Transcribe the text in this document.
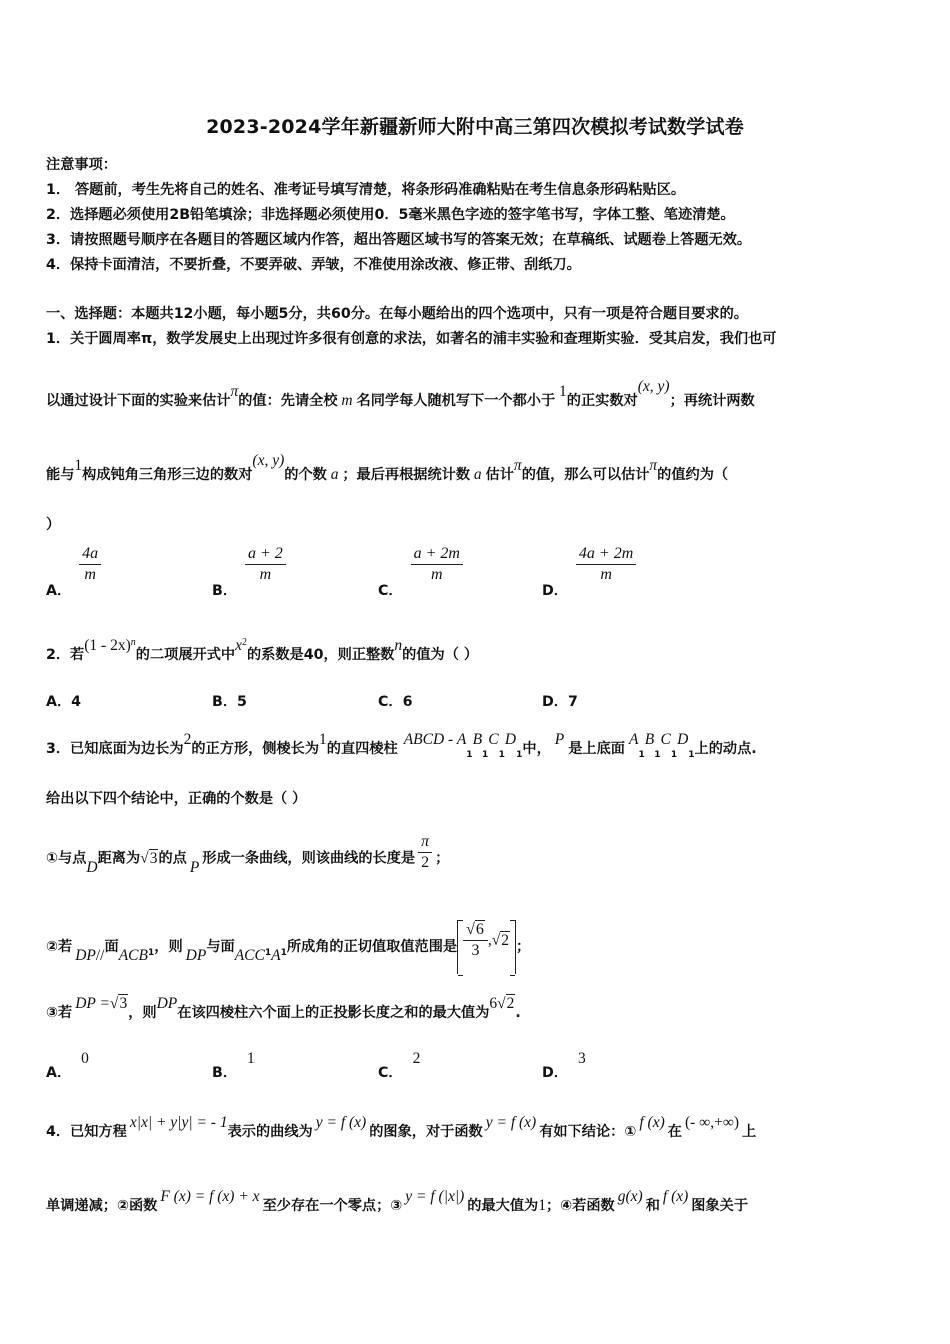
2023-2024学年新疆新师大附中高三第四次模拟考试数学试卷
注意事项：
1． 答题前，考生先将自己的姓名、准考证号填写清楚，将条形码准确粘贴在考生信息条形码粘贴区。
2．选择题必须使用2B铅笔填涂；非选择题必须使用0．5毫米黑色字迹的签字笔书写，字体工整、笔迹清楚。
3．请按照题号顺序在各题目的答题区域内作答，超出答题区域书写的答案无效；在草稿纸、试题卷上答题无效。
4．保持卡面清洁，不要折叠，不要弄破、弄皱，不准使用涂改液、修正带、刮纸刀。
一、选择题：本题共12小题，每小题5分，共60分。在每小题给出的四个选项中，只有一项是符合题目要求的。
1．关于圆周率π，数学发展史上出现过许多很有创意的求法，如著名的浦丰实验和查理斯实验．受其启发，我们也可
以通过设计下面的实验来估计π的值：先请全校 m 名同学每人随机写下一个都小于 1的正实数对(x, y)；再统计两数
能与1构成钝角三角形三边的数对(x, y)的个数 a ；最后再根据统计数 a 估计π的值，那么可以估计π的值约为（
）
A．
$\frac{4a}{m}$
B．
$\frac{a + 2}{m}$
C．
$\frac{a + 2m}{m}$
D．
$\frac{4a + 2m}{m}$
2．若(1 - 2x)$^n$的二项展开式中$x^2$的系数是40，则正整数n的值为（ ）
A．4	B．5	C．6	D．7
3．已知底面为边长为2的正方形，侧棱长为1的直四棱柱ABCD - $A_1B_1C_1D_1$中，P是上底面$A_1B_1C_1D_1$上的动点.
给出以下四个结论中，正确的个数是（ ）
①与点D距离为√3的点 P 形成一条曲线，则该曲线的长度是 $\frac{\pi}{2}$ ；
②若 DP//面$ACB_1$，则 DP与面$ACC_1A_1$所成角的正切值取值范围是 $\frac{√6}{3} ,√2$ ；
③若DP =√3，则DP在该四棱柱六个面上的正投影长度之和的最大值为6√2.
A．0
B．1
C．2
D．3
4．已知方程x|x| + y|y| = - 1表示的曲线为y = f (x)的图象，对于函数y = f (x)有如下结论：①f (x)在(- ∞,+∞)上
单调递减；②函数F (x) = f (x) + x至少存在一个零点；③y = f (|x|)的最大值为1；④若函数g(x)和f (x)图象关于
